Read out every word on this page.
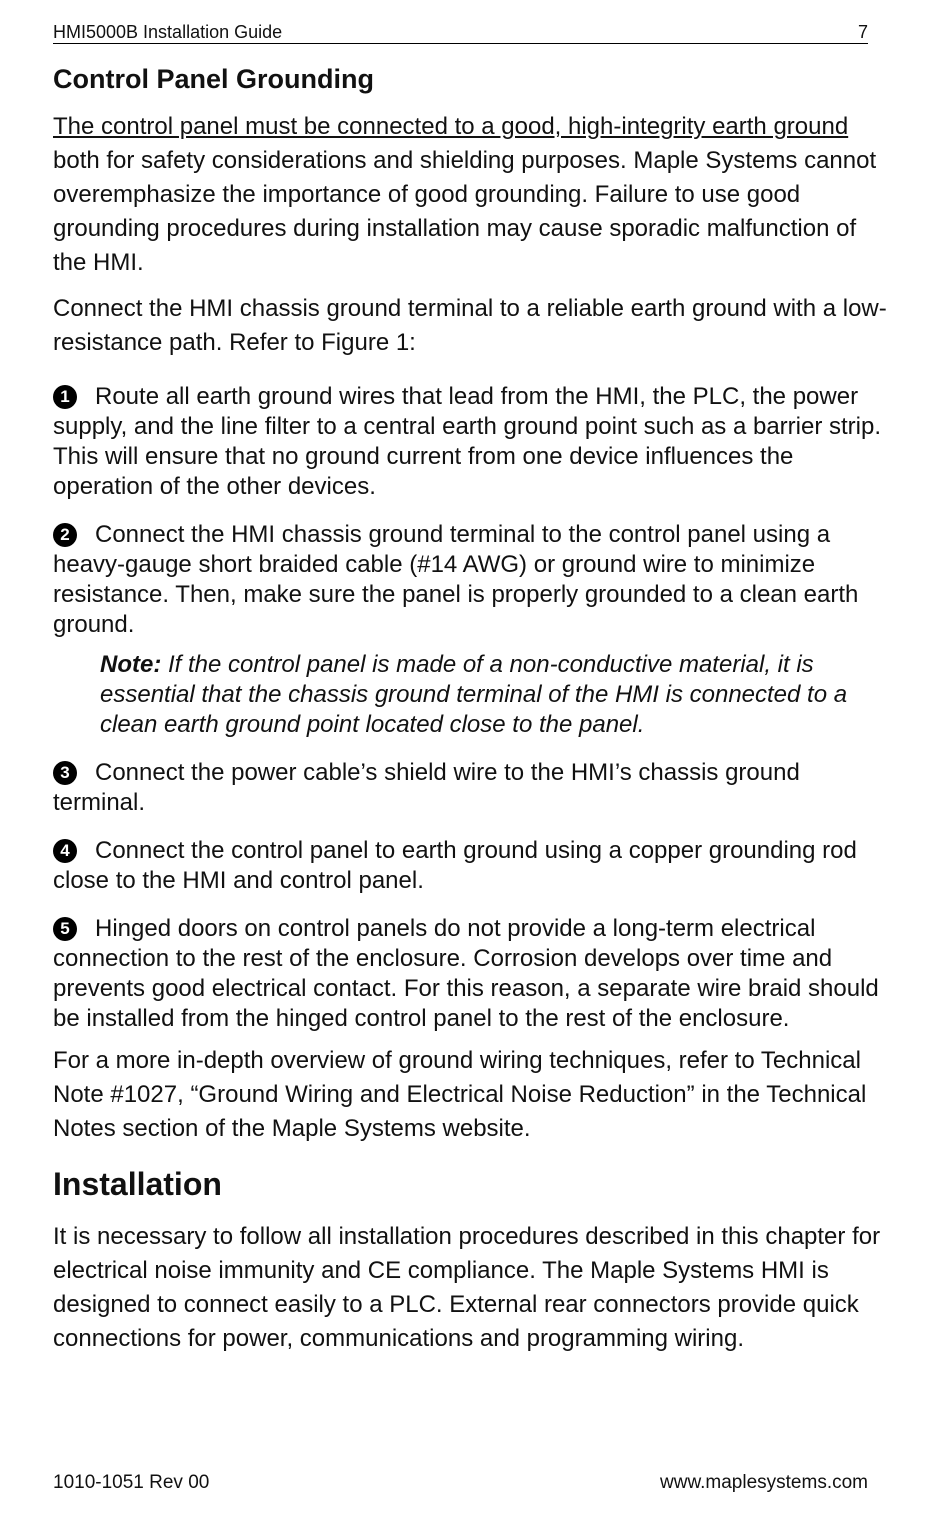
HMI5000B Installation Guide	7
Control Panel Grounding

The control panel must be connected to a good, high-integrity earth ground both for safety considerations and shielding purposes. Maple Systems cannot overemphasize the importance of good grounding. Failure to use good grounding procedures during installation may cause sporadic malfunction of the HMI.

Connect the HMI chassis ground terminal to a reliable earth ground with a low-resistance path. Refer to Figure 1:

1 Route all earth ground wires that lead from the HMI, the PLC, the power supply, and the line filter to a central earth ground point such as a barrier strip. This will ensure that no ground current from one device influences the operation of the other devices.
2 Connect the HMI chassis ground terminal to the control panel using a heavy-gauge short braided cable (#14 AWG) or ground wire to minimize resistance. Then, make sure the panel is properly grounded to a clean earth ground.
Note: If the control panel is made of a non-conductive material, it is essential that the chassis ground terminal of the HMI is connected to a clean earth ground point located close to the panel.
3 Connect the power cable’s shield wire to the HMI’s chassis ground terminal.
4 Connect the control panel to earth ground using a copper grounding rod close to the HMI and control panel.
5 Hinged doors on control panels do not provide a long-term electrical connection to the rest of the enclosure. Corrosion develops over time and prevents good electrical contact. For this reason, a separate wire braid should be installed from the hinged control panel to the rest of the enclosure.

For a more in-depth overview of ground wiring techniques, refer to Technical Note #1027, “Ground Wiring and Electrical Noise Reduction” in the Technical Notes section of the Maple Systems website.

Installation

It is necessary to follow all installation procedures described in this chapter for electrical noise immunity and CE compliance. The Maple Systems HMI is designed to connect easily to a PLC. External rear connectors provide quick connections for power, communications and programming wiring.

1010-1051 Rev 00	www.maplesystems.com
